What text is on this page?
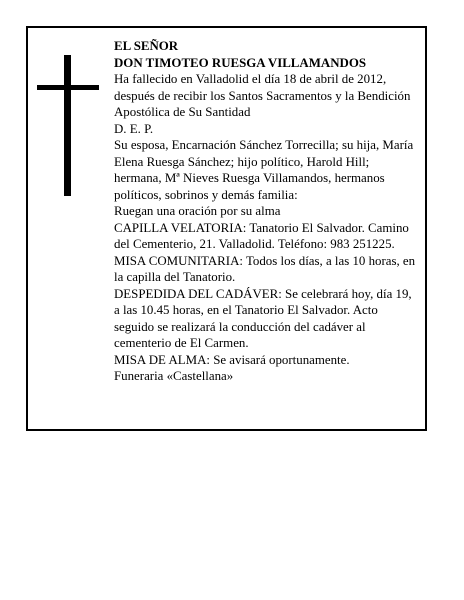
EL SEÑOR

DON TIMOTEO RUESGA VILLAMANDOS

Ha fallecido en Valladolid el día 18 de abril de 2012, después de recibir los Santos Sacramentos y la Bendición Apostólica de Su Santidad

D. E. P.

Su esposa, Encarnación Sánchez Torrecilla; su hija, María Elena Ruesga Sánchez; hijo político, Harold Hill; hermana, Mª Nieves Ruesga Villamandos, hermanos políticos, sobrinos y demás familia:

Ruegan una oración por su alma

CAPILLA VELATORIA: Tanatorio El Salvador. Camino del Cementerio, 21. Valladolid. Teléfono: 983 251225.

MISA COMUNITARIA: Todos los días, a las 10 horas, en la capilla del Tanatorio.

DESPEDIDA DEL CADÁVER: Se celebrará hoy, día 19, a las 10.45 horas, en el Tanatorio El Salvador. Acto seguido se realizará la conducción del cadáver al cementerio de El Carmen.

MISA DE ALMA: Se avisará oportunamente.

Funeraria «Castellana»
